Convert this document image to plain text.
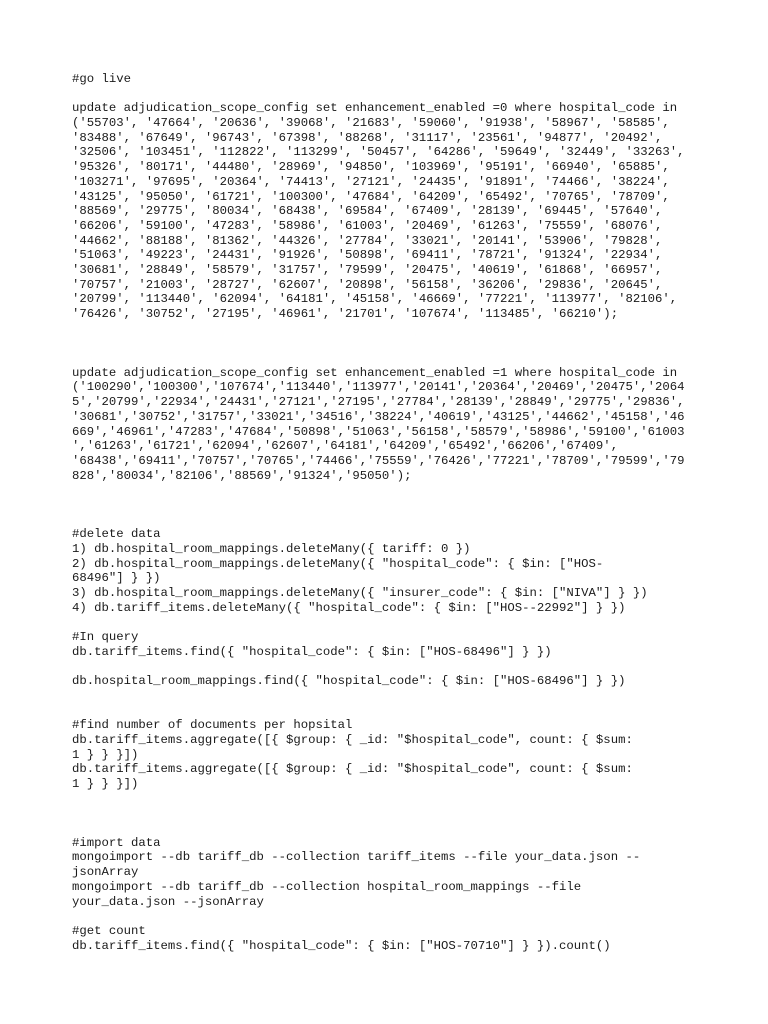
#go live
update adjudication_scope_config set enhancement_enabled =0 where hospital_code in
('55703', '47664', '20636', '39068', '21683', '59060', '91938', '58967', '58585',
'83488', '67649', '96743', '67398', '88268', '31117', '23561', '94877', '20492',
'32506', '103451', '112822', '113299', '50457', '64286', '59649', '32449', '33263',
'95326', '80171', '44480', '28969', '94850', '103969', '95191', '66940', '65885',
'103271', '97695', '20364', '74413', '27121', '24435', '91891', '74466', '38224',
'43125', '95050', '61721', '100300', '47684', '64209', '65492', '70765', '78709',
'88569', '29775', '80034', '68438', '69584', '67409', '28139', '69445', '57640',
'66206', '59100', '47283', '58986', '61003', '20469', '61263', '75559', '68076',
'44662', '88188', '81362', '44326', '27784', '33021', '20141', '53906', '79828',
'51063', '49223', '24431', '91926', '50898', '69411', '78721', '91324', '22934',
'30681', '28849', '58579', '31757', '79599', '20475', '40619', '61868', '66957',
'70757', '21003', '28727', '62607', '20898', '56158', '36206', '29836', '20645',
'20799', '113440', '62094', '64181', '45158', '46669', '77221', '113977', '82106',
'76426', '30752', '27195', '46961', '21701', '107674', '113485', '66210');
update adjudication_scope_config set enhancement_enabled =1 where hospital_code in
('100290','100300','107674','113440','113977','20141','20364','20469','20475','2064
5','20799','22934','24431','27121','27195','27784','28139','28849','29775','29836',
'30681','30752','31757','33021','34516','38224','40619','43125','44662','45158','46
669','46961','47283','47684','50898','51063','56158','58579','58986','59100','61003
','61263','61721','62094','62607','64181','64209','65492','66206','67409',
'68438','69411','70757','70765','74466','75559','76426','77221','78709','79599','79
828','80034','82106','88569','91324','95050');
#delete data
1) db.hospital_room_mappings.deleteMany({ tariff: 0 })
2) db.hospital_room_mappings.deleteMany({ "hospital_code": { $in: ["HOS-
68496"] } })
3) db.hospital_room_mappings.deleteMany({ "insurer_code": { $in: ["NIVA"] } })
4) db.tariff_items.deleteMany({ "hospital_code": { $in: ["HOS--22992"] } })
#In query
db.tariff_items.find({ "hospital_code": { $in: ["HOS-68496"] } })
db.hospital_room_mappings.find({ "hospital_code": { $in: ["HOS-68496"] } })
#find number of documents per hopsital
db.tariff_items.aggregate([{ $group: { _id: "$hospital_code", count: { $sum:
1 } } }])
db.tariff_items.aggregate([{ $group: { _id: "$hospital_code", count: { $sum:
1 } } }])
#import data
mongoimport --db tariff_db --collection tariff_items --file your_data.json --
jsonArray
mongoimport --db tariff_db --collection hospital_room_mappings --file
your_data.json --jsonArray
#get count
db.tariff_items.find({ "hospital_code": { $in: ["HOS-70710"] } }).count()
